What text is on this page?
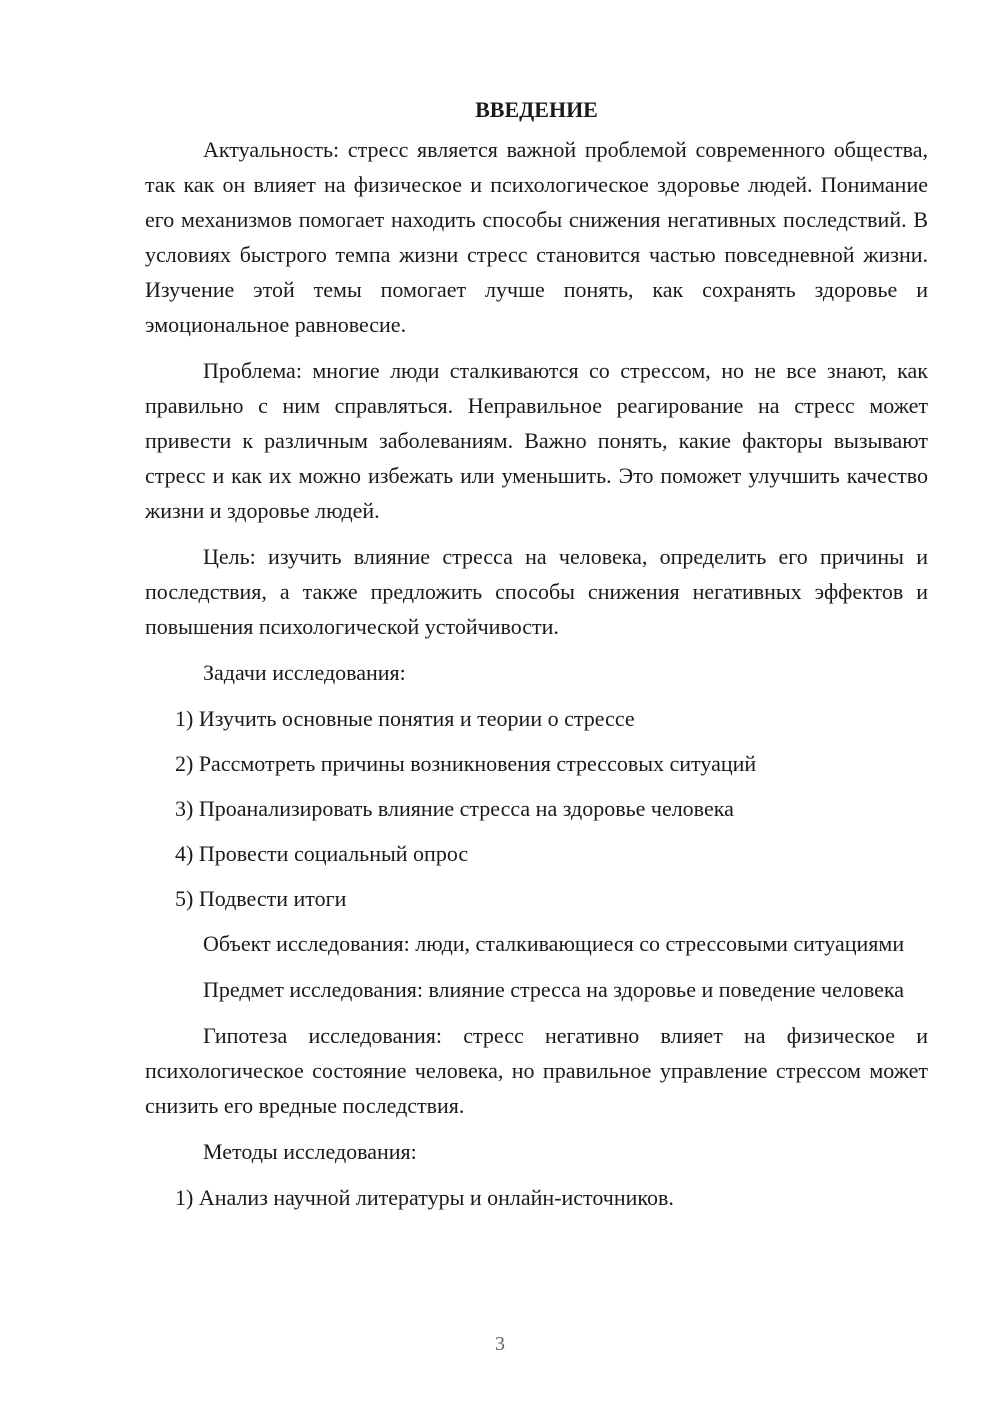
ВВЕДЕНИЕ

Актуальность: стресс является важной проблемой современного общества, так как он влияет на физическое и психологическое здоровье людей. Понимание его механизмов помогает находить способы снижения негативных последствий. В условиях быстрого темпа жизни стресс становится частью повседневной жизни. Изучение этой темы помогает лучше понять, как сохранять здоровье и эмоциональное равновесие.

Проблема: многие люди сталкиваются со стрессом, но не все знают, как правильно с ним справляться. Неправильное реагирование на стресс может привести к различным заболеваниям. Важно понять, какие факторы вызывают стресс и как их можно избежать или уменьшить. Это поможет улучшить качество жизни и здоровье людей.

Цель: изучить влияние стресса на человека, определить его причины и последствия, а также предложить способы снижения негативных эффектов и повышения психологической устойчивости.

Задачи исследования:

1) Изучить основные понятия и теории о стрессе
2) Рассмотреть причины возникновения стрессовых ситуаций
3) Проанализировать влияние стресса на здоровье человека
4) Провести социальный опрос
5) Подвести итоги

Объект исследования: люди, сталкивающиеся со стрессовыми ситуациями

Предмет исследования: влияние стресса на здоровье и поведение человека

Гипотеза исследования: стресс негативно влияет на физическое и психологическое состояние человека, но правильное управление стрессом может снизить его вредные последствия.

Методы исследования:

1) Анализ научной литературы и онлайн-источников.
3
